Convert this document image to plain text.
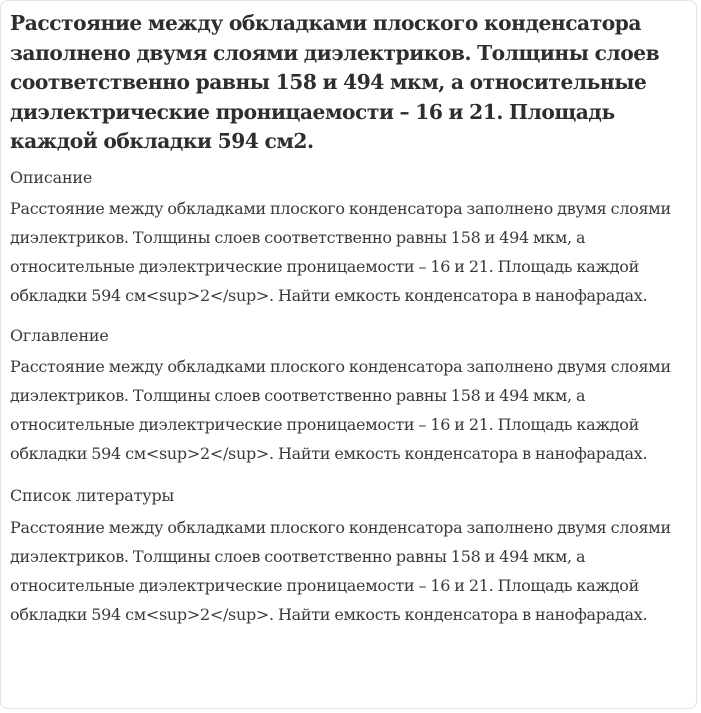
Расстояние между обкладками плоского конденсатора заполнено двумя слоями диэлектриков. Толщины слоев соответственно равны 158 и 494 мкм, а относительные диэлектрические проницаемости – 16 и 21. Площадь каждой обкладки 594 см2.
Описание
Расстояние между обкладками плоского конденсатора заполнено двумя слоями диэлектриков. Толщины слоев соответственно равны 158 и 494 мкм, а относительные диэлектрические проницаемости – 16 и 21. Площадь каждой обкладки 594 см<sup>2</sup>. Найти емкость конденсатора в нанофарадах.
Оглавление
Расстояние между обкладками плоского конденсатора заполнено двумя слоями диэлектриков. Толщины слоев соответственно равны 158 и 494 мкм, а относительные диэлектрические проницаемости – 16 и 21. Площадь каждой обкладки 594 см<sup>2</sup>. Найти емкость конденсатора в нанофарадах.
Список литературы
Расстояние между обкладками плоского конденсатора заполнено двумя слоями диэлектриков. Толщины слоев соответственно равны 158 и 494 мкм, а относительные диэлектрические проницаемости – 16 и 21. Площадь каждой обкладки 594 см<sup>2</sup>. Найти емкость конденсатора в нанофарадах.
